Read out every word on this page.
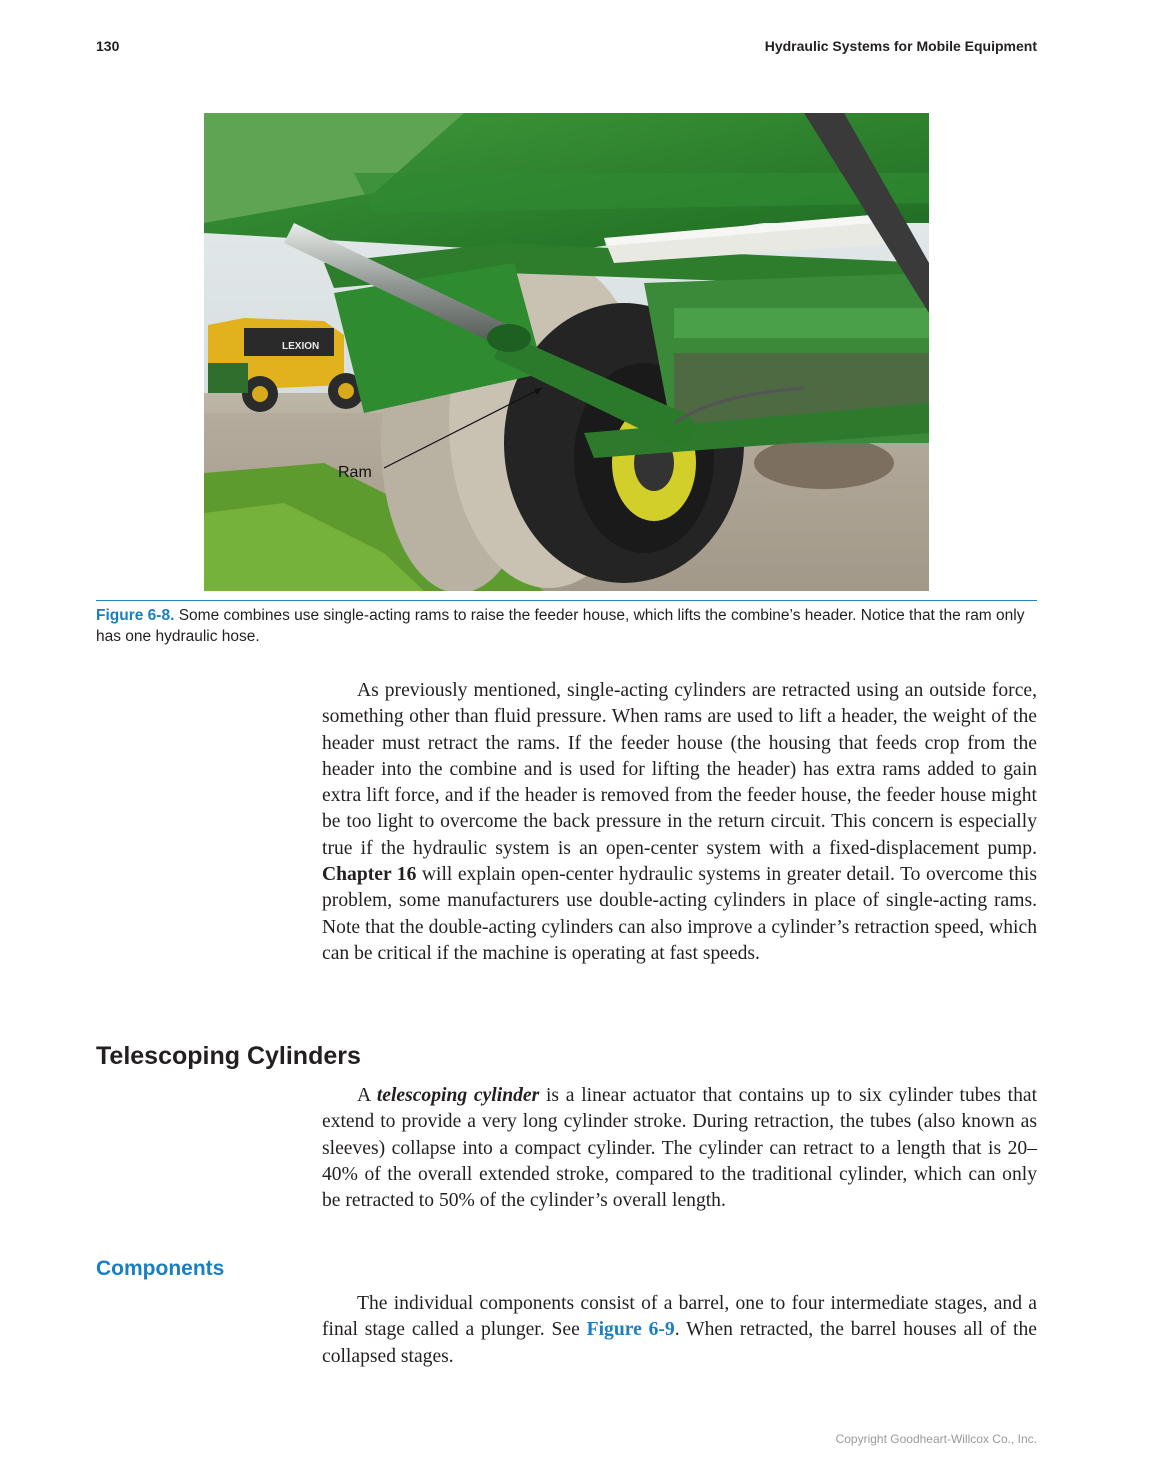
130	Hydraulic Systems for Mobile Equipment
LEXION
Ram
Figure 6-8. Some combines use single-acting rams to raise the feeder house, which lifts the combine’s header. Notice that the ram only has one hydraulic hose.

As previously mentioned, single-acting cylinders are retracted using an outside force, something other than fluid pressure. When rams are used to lift a header, the weight of the header must retract the rams. If the feeder house (the housing that feeds crop from the header into the combine and is used for lifting the header) has extra rams added to gain extra lift force, and if the header is removed from the feeder house, the feeder house might be too light to overcome the back pressure in the return circuit. This concern is especially true if the hydraulic system is an open-center system with a fixed-displacement pump. Chapter 16 will explain open-center hydraulic systems in greater detail. To overcome this problem, some manufacturers use double-acting cylinders in place of single-acting rams. Note that the double-acting cylinders can also improve a cylinder’s retraction speed, which can be critical if the machine is operating at fast speeds.

Telescoping Cylinders

A telescoping cylinder is a linear actuator that contains up to six cylinder tubes that extend to provide a very long cylinder stroke. During retraction, the tubes (also known as sleeves) collapse into a compact cylinder. The cylinder can retract to a length that is 20–40% of the overall extended stroke, compared to the traditional cylinder, which can only be retracted to 50% of the cylinder’s overall length.

Components

The individual components consist of a barrel, one to four intermediate stages, and a final stage called a plunger. See Figure 6-9. When retracted, the barrel houses all of the collapsed stages.

Copyright Goodheart-Willcox Co., Inc.
